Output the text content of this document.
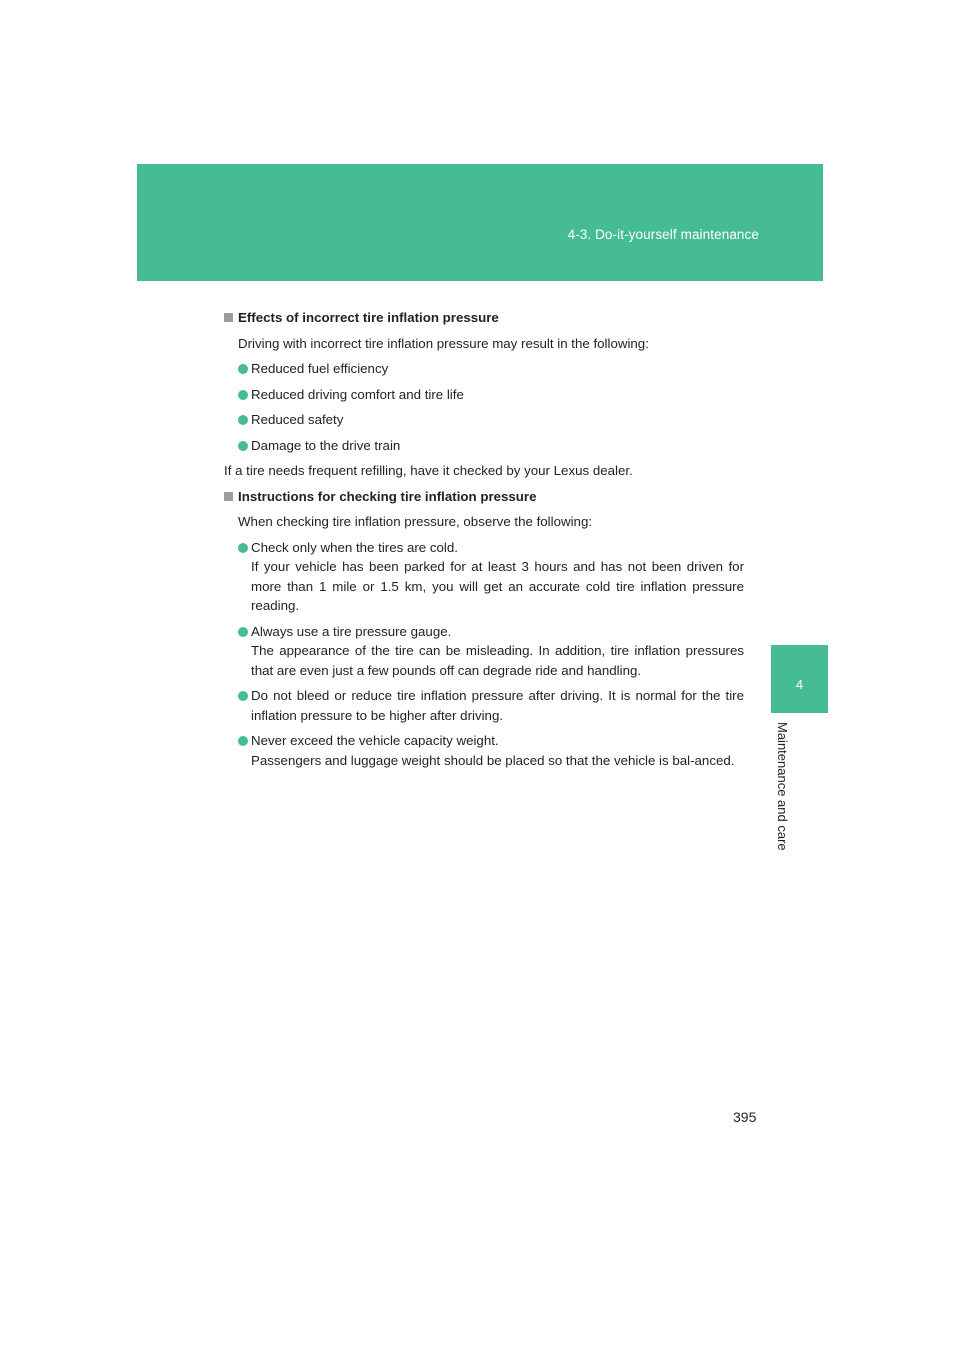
4-3. Do-it-yourself maintenance
4
Maintenance and care
Effects of incorrect tire inflation pressure
Driving with incorrect tire inflation pressure may result in the following:
Reduced fuel efficiency
Reduced driving comfort and tire life
Reduced safety
Damage to the drive train
If a tire needs frequent refilling, have it checked by your Lexus dealer.
Instructions for checking tire inflation pressure
When checking tire inflation pressure, observe the following:
Check only when the tires are cold.
If your vehicle has been parked for at least 3 hours and has not been driven for more than 1 mile or 1.5 km, you will get an accurate cold tire inflation pressure reading.
Always use a tire pressure gauge.
The appearance of the tire can be misleading. In addition, tire inflation pressures that are even just a few pounds off can degrade ride and handling.
Do not bleed or reduce tire inflation pressure after driving. It is normal for the tire inflation pressure to be higher after driving.
Never exceed the vehicle capacity weight.
Passengers and luggage weight should be placed so that the vehicle is bal-anced.
395
